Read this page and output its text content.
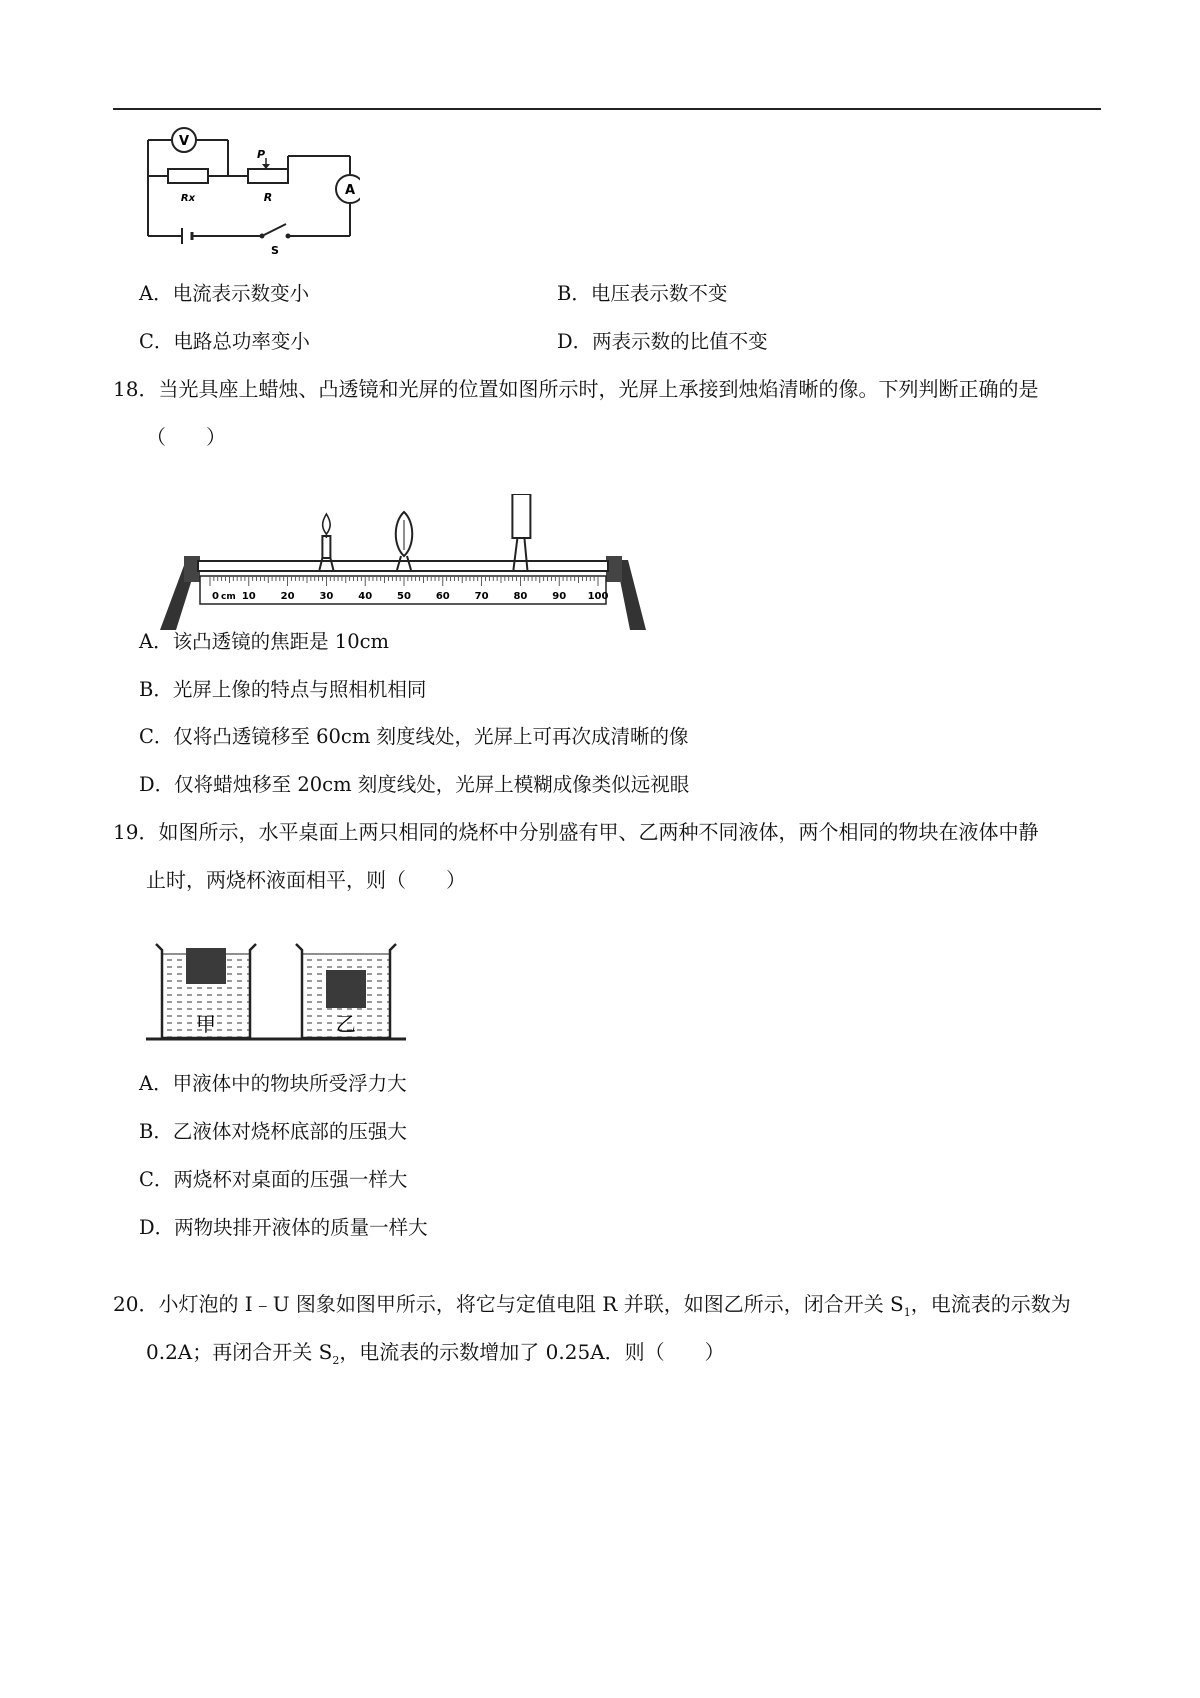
V
A
P
Rx	R
S
A．电流表示数变小	B．电压表示数不变
C．电路总功率变小	D．两表示数的比值不变
18．当光具座上蜡烛、凸透镜和光屏的位置如图所示时，光屏上承接到烛焰清晰的像。下列判断正确的是
（　　）
0 cm 10 20 30 40 50 60 70 80 90 100
A．该凸透镜的焦距是 10cm
B．光屏上像的特点与照相机相同
C．仅将凸透镜移至 60cm 刻度线处，光屏上可再次成清晰的像
D．仅将蜡烛移至 20cm 刻度线处，光屏上模糊成像类似远视眼
19．如图所示，水平桌面上两只相同的烧杯中分别盛有甲、乙两种不同液体，两个相同的物块在液体中静
止时，两烧杯液面相平，则（　　）
甲	乙
A．甲液体中的物块所受浮力大
B．乙液体对烧杯底部的压强大
C．两烧杯对桌面的压强一样大
D．两物块排开液体的质量一样大
20．小灯泡的 I﹣U 图象如图甲所示，将它与定值电阻 R 并联，如图乙所示，闭合开关 $S_1$，电流表的示数为
0.2A；再闭合开关 $S_2$，电流表的示数增加了 0.25A．则（　　）
